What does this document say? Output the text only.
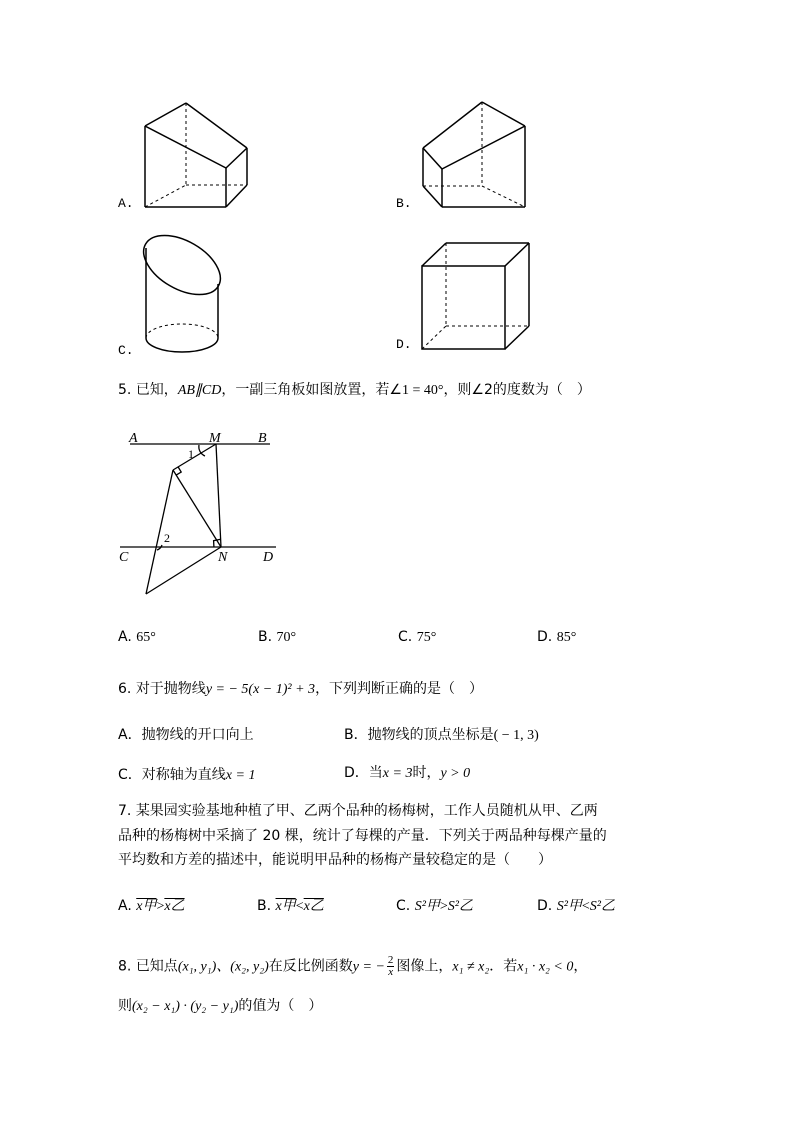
A.	B.
C.	D.
5. 已知，AB∥CD，一副三角板如图放置，若∠1 = 40°，则∠2的度数为（　）
A	M	B
1
2
C	N	D
A. 65°	B. 70°	C. 75°	D. 85°
6. 对于抛物线y = − 5(x − 1)² + 3，下列判断正确的是（　）
A．抛物线的开口向上	B．抛物线的顶点坐标是( − 1, 3)
C．对称轴为直线x = 1	D．当x = 3时，y > 0
7. 某果园实验基地种植了甲、乙两个品种的杨梅树，工作人员随机从甲、乙两
品种的杨梅树中采摘了 20 棵，统计了每棵的产量．下列关于两品种每棵产量的
平均数和方差的描述中，能说明甲品种的杨梅产量较稳定的是（　　）
A. x甲>x乙	B. x甲<x乙	C. S²甲>S²乙	D. S²甲<S²乙
8. 已知点(x₁, y₁)、(x₂, y₂)在反比例函数y = − $\frac{2}{x}$ 图像上，x₁ ≠ x₂．若x₁ · x₂ < 0，
则(x₂ − x₁) · (y₂ − y₁)的值为（　）
